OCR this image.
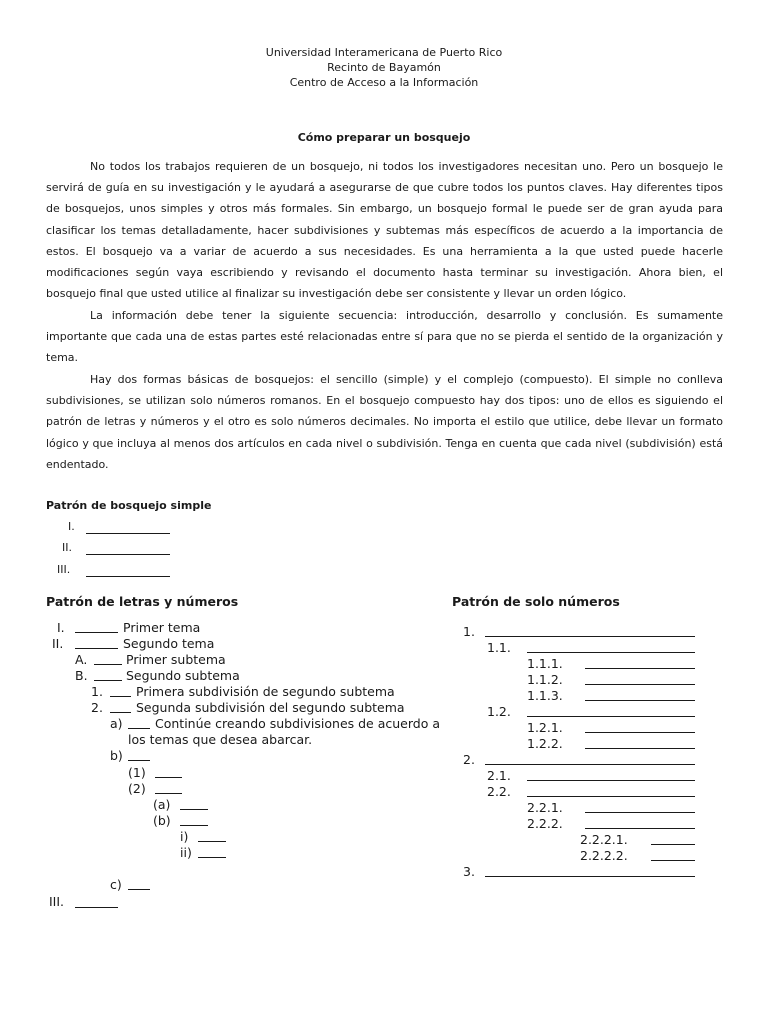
Universidad Interamericana de Puerto Rico
Recinto de Bayamón
Centro de Acceso a la Información
Cómo preparar un bosquejo
No todos los trabajos requieren de un bosquejo, ni todos los investigadores necesitan uno. Pero un bosquejo le servirá de guía en su investigación y le ayudará a asegurarse de que cubre todos los puntos claves. Hay diferentes tipos de bosquejos, unos simples y otros más formales. Sin embargo, un bosquejo formal le puede ser de gran ayuda para clasificar los temas detalladamente, hacer subdivisiones y subtemas más específicos de acuerdo a la importancia de estos. El bosquejo va a variar de acuerdo a sus necesidades. Es una herramienta a la que usted puede hacerle modificaciones según vaya escribiendo y revisando el documento hasta terminar su investigación. Ahora bien, el bosquejo final que usted utilice al finalizar su investigación debe ser consistente y llevar un orden lógico.
La información debe tener la siguiente secuencia: introducción, desarrollo y conclusión. Es sumamente importante que cada una de estas partes esté relacionadas entre sí para que no se pierda el sentido de la organización y tema.
Hay dos formas básicas de bosquejos: el sencillo (simple) y el complejo (compuesto). El simple no conlleva subdivisiones, se utilizan solo números romanos. En el bosquejo compuesto hay dos tipos: uno de ellos es siguiendo el patrón de letras y números y el otro es solo números decimales. No importa el estilo que utilice, debe llevar un formato lógico y que incluya al menos dos artículos en cada nivel o subdivisión. Tenga en cuenta que cada nivel (subdivisión) está endentado.
Patrón de bosquejo simple
I.
II.
III.
Patrón de letras y números
I.	Primer tema
II.	Segundo tema
A.	Primer subtema
B.	Segundo subtema
1.	Primera subdivisión de segundo subtema
2.	Segunda subdivisión del segundo subtema
a)	Continúe creando subdivisiones de acuerdo a
los temas que desea abarcar.
b)
(1)
(2)
(a)
(b)
i)
ii)
c)
III.
Patrón de solo números
1.
1.1.
1.1.1.
1.1.2.
1.1.3.
1.2.
1.2.1.
1.2.2.
2.
2.1.
2.2.
2.2.1.
2.2.2.
2.2.2.1.
2.2.2.2.
3.
